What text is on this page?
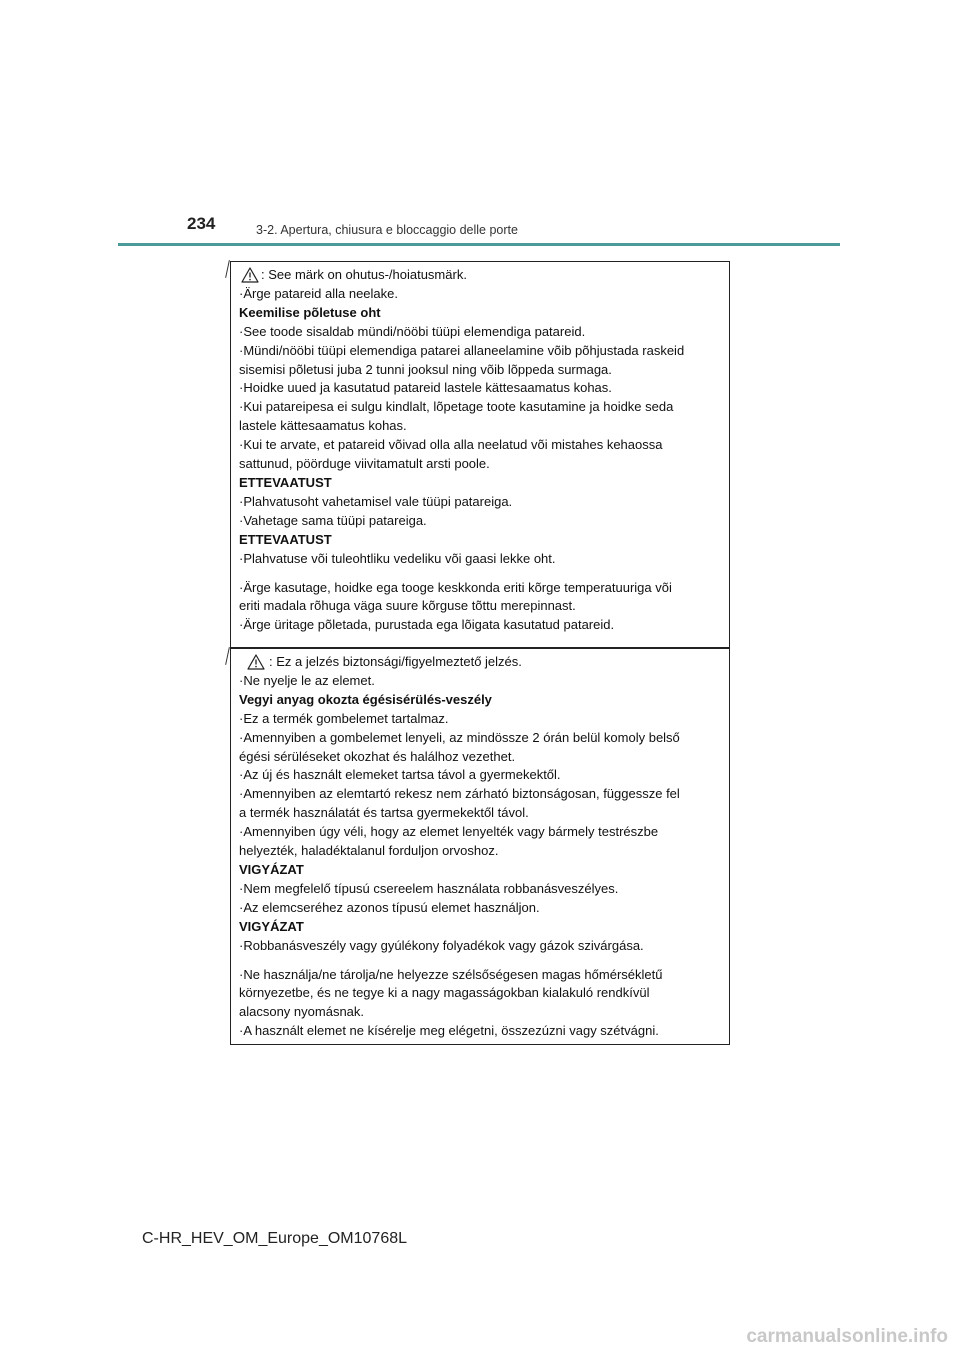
234	3-2. Apertura, chiusura e bloccaggio delle porte
: See märk on ohutus-/hoiatusmärk.
·Ärge patareid alla neelake.
Keemilise põletuse oht
·See toode sisaldab mündi/nööbi tüüpi elemendiga patareid.
·Mündi/nööbi tüüpi elemendiga patarei allaneelamine võib põhjustada raskeid
sisemisi põletusi juba 2 tunni jooksul ning võib lõppeda surmaga.
·Hoidke uued ja kasutatud patareid lastele kättesaamatus kohas.
·Kui patareipesa ei sulgu kindlalt, lõpetage toote kasutamine ja hoidke seda
lastele kättesaamatus kohas.
·Kui te arvate, et patareid võivad olla alla neelatud või mistahes kehaossa
sattunud, pöörduge viivitamatult arsti poole.
ETTEVAATUST
·Plahvatusoht vahetamisel vale tüüpi patareiga.
·Vahetage sama tüüpi patareiga.
ETTEVAATUST
·Plahvatuse või tuleohtliku vedeliku või gaasi lekke oht.
·Ärge kasutage, hoidke ega tooge keskkonda eriti kõrge temperatuuriga või
eriti madala rõhuga väga suure kõrguse tõttu merepinnast.
·Ärge üritage põletada, purustada ega lõigata kasutatud patareid.
: Ez a jelzés biztonsági/figyelmeztető jelzés.
·Ne nyelje le az elemet.
Vegyi anyag okozta égésisérülés-veszély
·Ez a termék gombelemet tartalmaz.
·Amennyiben a gombelemet lenyeli, az mindössze 2 órán belül komoly belső
égési sérüléseket okozhat és halálhoz vezethet.
·Az új és használt elemeket tartsa távol a gyermekektől.
·Amennyiben az elemtartó rekesz nem zárható biztonságosan, függessze fel
a termék használatát és tartsa gyermekektől távol.
·Amennyiben úgy véli, hogy az elemet lenyelték vagy bármely testrészbe
helyezték, haladéktalanul forduljon orvoshoz.
VIGYÁZAT
·Nem megfelelő típusú csereelem használata robbanásveszélyes.
·Az elemcseréhez azonos típusú elemet használjon.
VIGYÁZAT
·Robbanásveszély vagy gyúlékony folyadékok vagy gázok szivárgása.
·Ne használja/ne tárolja/ne helyezze szélsőségesen magas hőmérsékletű
környezetbe, és ne tegye ki a nagy magasságokban kialakuló rendkívül
alacsony nyomásnak.
·A használt elemet ne kísérelje meg elégetni, összezúzni vagy szétvágni.
C-HR_HEV_OM_Europe_OM10768L
carmanualsonline.info
